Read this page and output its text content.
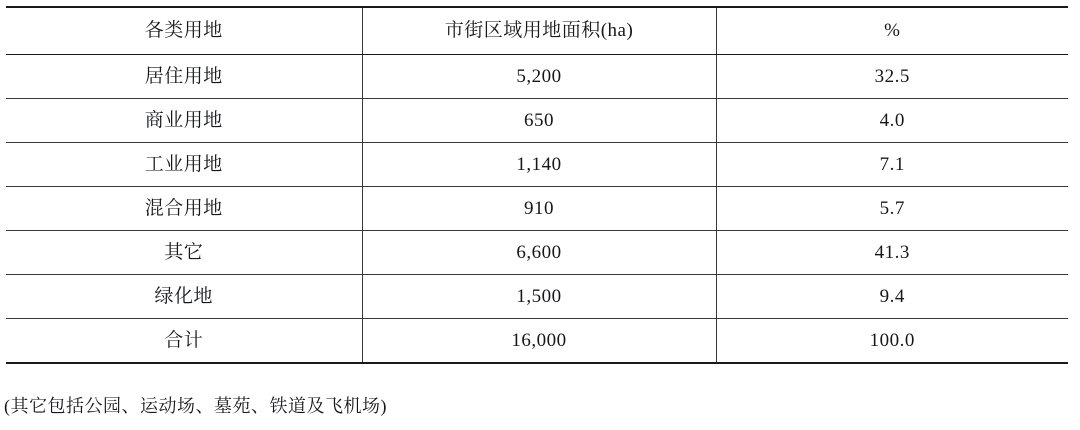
各类用地	市街区域用地面积(ha)	%
居住用地	5,200	32.5
商业用地	650	4.0
工业用地	1,140	7.1
混合用地	910	5.7
其它	6,600	41.3
绿化地	1,500	9.4
合计	16,000	100.0
(其它包括公园、运动场、墓苑、铁道及飞机场)
